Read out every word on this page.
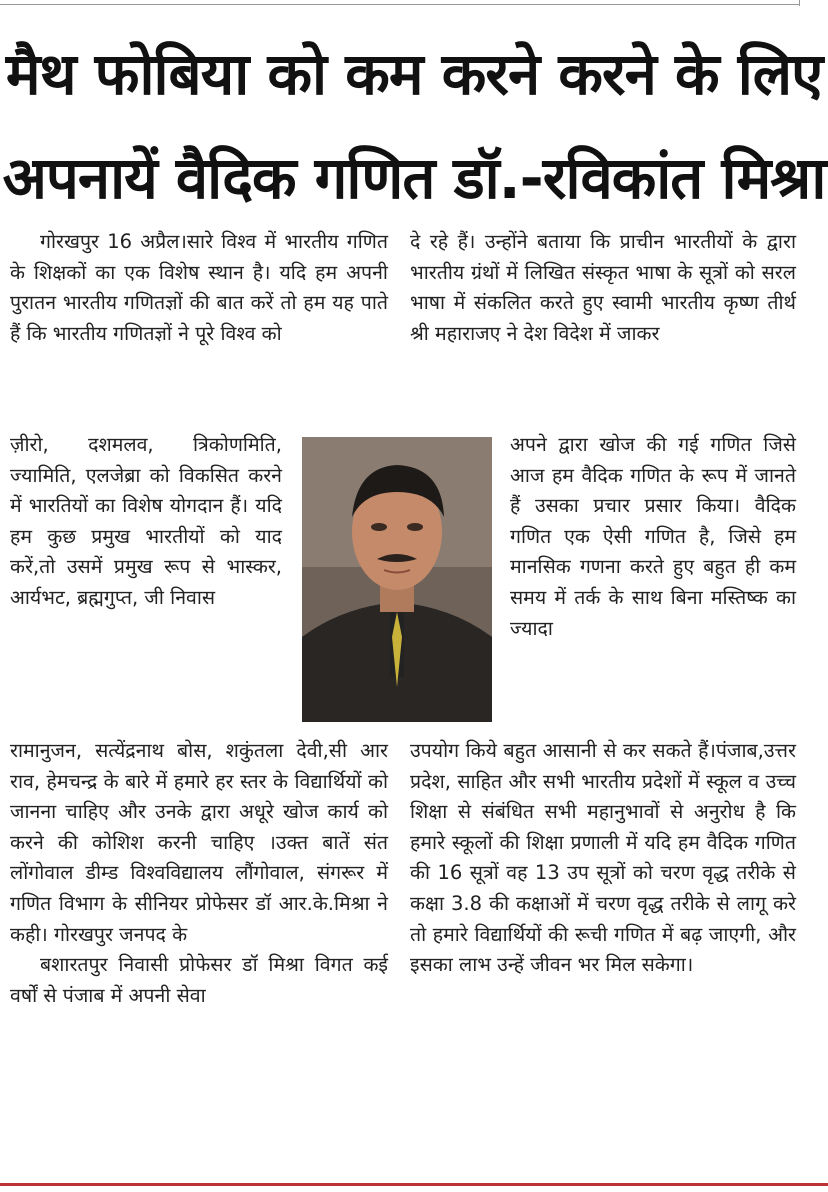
मैथ फोबिया को कम करने करने के लिए
अपनायें वैदिक गणित डॉ.-रविकांत मिश्रा

गोरखपुर 16 अप्रैल।सारे विश्व में भारतीय गणित के शिक्षकों का एक विशेष स्थान है। यदि हम अपनी पुरातन भारतीय गणितज्ञों की बात करें तो हम यह पाते हैं कि भारतीय गणितज्ञों ने पूरे विश्व को

ज़ीरो, दशमलव, त्रिकोणमिति, ज्यामिति, एलजेब्रा को विकसित करने में भारतियों का विशेष योगदान हैं। यदि हम कुछ प्रमुख भारतीयों को याद करें,तो उसमें प्रमुख रूप से भास्कर, आर्यभट, ब्रह्मगुप्त, जी निवास

रामानुजन, सत्येंद्रनाथ बोस, शकुंतला देवी,सी आर राव, हेमचन्द्र के बारे में हमारे हर स्तर के विद्यार्थियों को जानना चाहिए और उनके द्वारा अधूरे खोज कार्य को करने की कोशिश करनी चाहिए ।उक्त बातें संत लोंगोवाल डीम्ड विश्वविद्यालय लौंगोवाल, संगरूर में गणित विभाग के सीनियर प्रोफेसर डॉ आर.के.मिश्रा ने कही। गोरखपुर जनपद के

बशारतपुर निवासी प्रोफेसर डॉ मिश्रा विगत कई वर्षों से पंजाब में अपनी सेवा

दे रहे हैं। उन्होंने बताया कि प्राचीन भारतीयों के द्वारा भारतीय ग्रंथों में लिखित संस्कृत भाषा के सूत्रों को सरल भाषा में संकलित करते हुए स्वामी भारतीय कृष्ण तीर्थ श्री महाराजए ने देश विदेश में जाकर

अपने द्वारा खोज की गई गणित जिसे आज हम वैदिक गणित के रूप में जानते हैं उसका प्रचार प्रसार किया। वैदिक गणित एक ऐसी गणित है, जिसे हम मानसिक गणना करते हुए बहुत ही कम समय में तर्क के साथ बिना मस्तिष्क का ज्यादा

उपयोग किये बहुत आसानी से कर सकते हैं।पंजाब,उत्तर प्रदेश, साहित और सभी भारतीय प्रदेशों में स्कूल व उच्च शिक्षा से संबंधित सभी महानुभावों से अनुरोध है कि हमारे स्कूलों की शिक्षा प्रणाली में यदि हम वैदिक गणित की 16 सूत्रों वह 13 उप सूत्रों को चरण वृद्ध तरीके से कक्षा 3.8 की कक्षाओं में चरण वृद्ध तरीके से लागू करे तो हमारे विद्यार्थियों की रूची गणित में बढ़ जाएगी, और इसका लाभ उन्हें जीवन भर मिल सकेगा।
